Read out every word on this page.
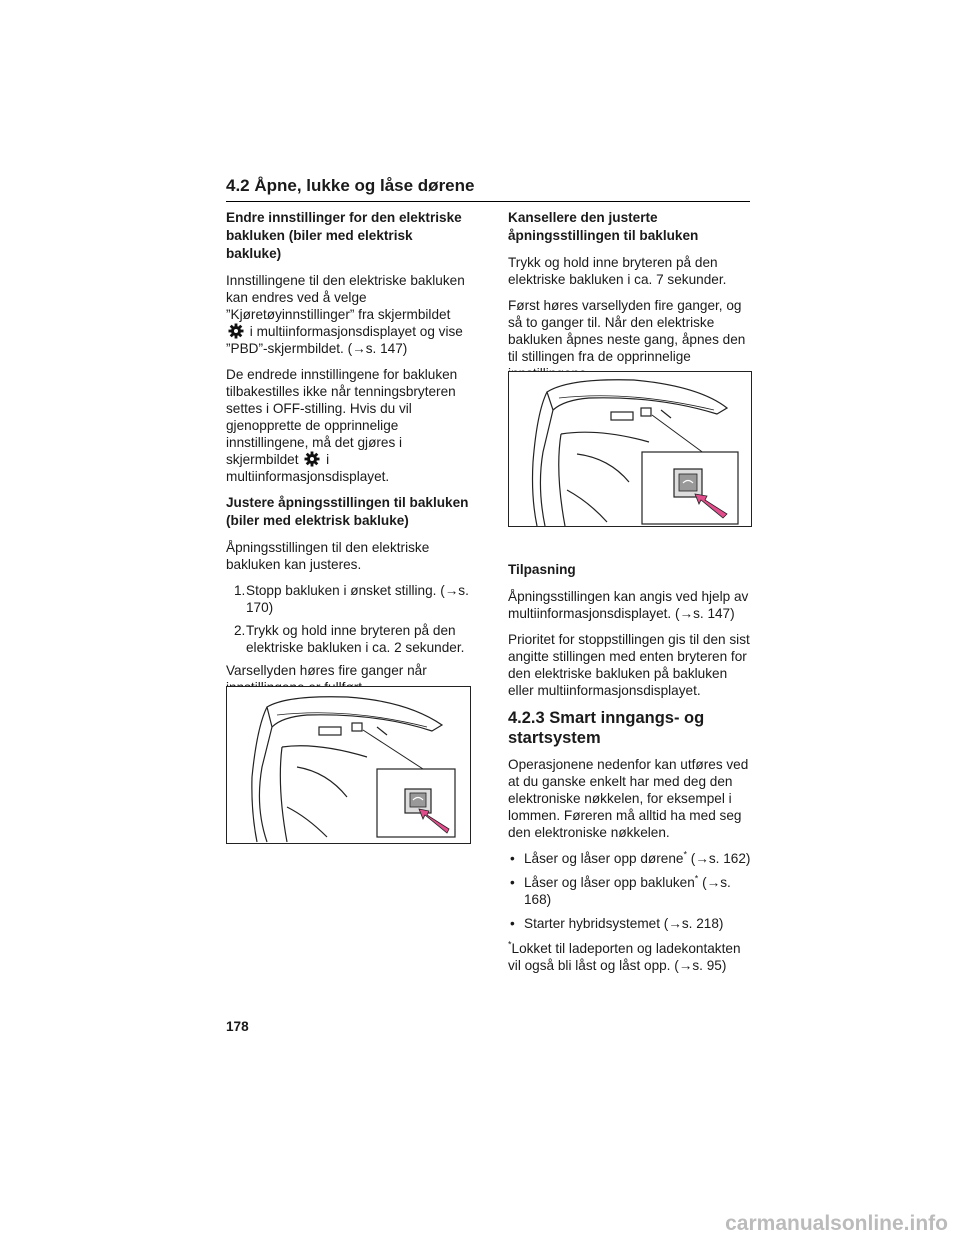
4.2 Åpne, lukke og låse dørene
Endre innstillinger for den elektriske bakluken (biler med elektrisk bakluke)

Innstillingene til den elektriske bakluken kan endres ved å velge ”Kjøretøyinnstillinger” fra skjermbildet  i multiinformasjonsdisplayet og vise ”PBD”-skjermbildet. (→s. 147)

De endrede innstillingene for bakluken tilbakestilles ikke når tenningsbryteren settes i OFF-stilling. Hvis du vil gjenopprette de opprinnelige innstillingene, må det gjøres i skjermbildet  i multiinformasjonsdisplayet.

Justere åpningsstillingen til bakluken (biler med elektrisk bakluke)

Åpningsstillingen til den elektriske bakluken kan justeres.

1. Stopp bakluken i ønsket stilling. (→s. 170)
2. Trykk og hold inne bryteren på den elektriske bakluken i ca. 2 sekunder.

Varsellyden høres fire ganger når

Kansellere den justerte åpningsstillingen til bakluken

Trykk og hold inne bryteren på den elektriske bakluken i ca. 7 sekunder.

Først høres varsellyden fire ganger, og så to ganger til. Når den elektriske bakluken åpnes neste gang, åpnes den til stillingen fra de opprinnelige

Tilpasning

Åpningsstillingen kan angis ved hjelp av multiinformasjonsdisplayet. (→s. 147)

Prioritet for stoppstillingen gis til den sist angitte stillingen med enten bryteren for den elektriske bakluken på bakluken eller multiinformasjonsdisplayet.

4.2.3 Smart inngangs- og startsystem

Operasjonene nedenfor kan utføres ved at du ganske enkelt har med deg den elektroniske nøkkelen, for eksempel i lommen. Føreren må alltid ha med seg den elektroniske nøkkelen.

• Låser og låser opp dørene* (→s. 162)
• Låser og låser opp bakluken* (→s. 168)
• Starter hybridsystemet (→s. 218)

*Lokket til ladeporten og ladekontakten vil også bli låst og låst opp. (→s. 95)

178
carmanualsonline.info
